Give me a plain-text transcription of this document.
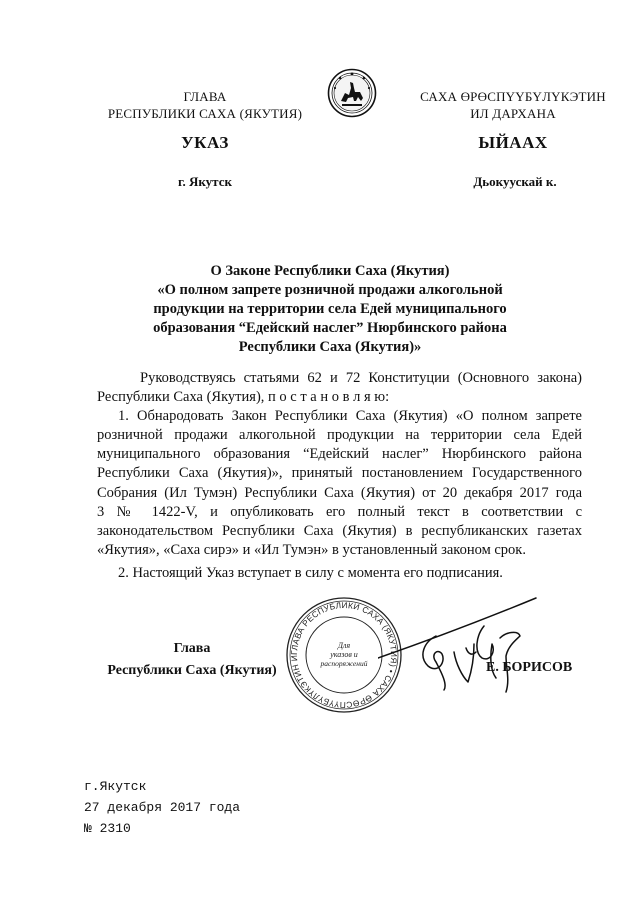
ГЛАВА
РЕСПУБЛИКИ САХА (ЯКУТИЯ)
САХА ӨРӨСПҮҮБҮЛҮКЭТИН
ИЛ ДАРХАНА
УКАЗ	ЫЙААХ
г. Якутск	Дьокуускай к.
О Законе Республики Саха (Якутия)
«О полном запрете розничной продажи алкогольной
продукции на территории села Едей муниципального
образования “Едейский наслег” Нюрбинского района
Республики Саха (Якутия)»
Руководствуясь статьями 62 и 72 Конституции (Основного закона)
Республики Саха (Якутия), п о с т а н о в л я ю:
1. Обнародовать Закон Республики Саха (Якутия) «О полном запрете
розничной продажи алкогольной продукции на территории села Едей
муниципального образования “Едейский наслег” Нюрбинского района
Республики Саха (Якутия)», принятый постановлением Государственного
Собрания (Ил Тумэн) Республики Саха (Якутия) от 20 декабря 2017 года
3 № 1422-V, и опубликовать его полный текст в соответствии с
законодательством Республики Саха (Якутия) в республиканских газетах
«Якутия», «Саха сирэ» и «Ил Тумэн» в установленный законом срок.
2. Настоящий Указ вступает в силу с момента его подписания.
Глава
Республики Саха (Якутия)
ГЛАВА РЕСПУБЛИКИ САХА (ЯКУТИЯ) • САХА ӨРӨСПҮҮБҮЛҮКЭТИН И
Для
указов и
распоряжений	Е. БОРИСОВ
г.Якутск
27 декабря 2017 года
№ 2310
